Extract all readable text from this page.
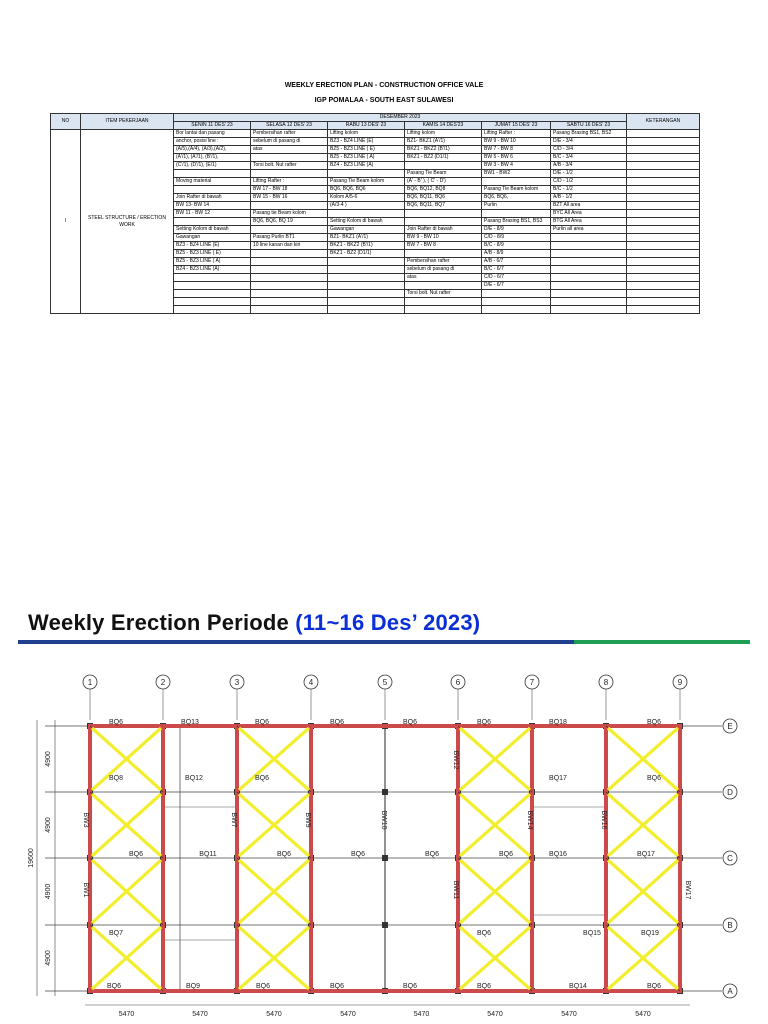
WEEKLY ERECTION PLAN - CONSTRUCTION OFFICE VALE
IGP POMALAA - SOUTH EAST SULAWESI
NO	ITEM PEKERJAAN	DESEMBER 2023						KETERANGAN
		SENIN 11 DES' 23	SELASA 12 DES' 23	RABU 13 DES' 23	KAMIS 14 DES'23	JUMAT 15 DES' 23	SABTU 16 DES' 23	
I	STEEL STRUCTURE / ERECTION WORK	Bor lantai dan pasang	Pembersihan rafter	Lifting kolom	Lifting kolom	Lifting Rafter :	Pasang Brasing BS1, BS2	
		anchor, posisi line :	sebelum di pasang di	BZ3 - BZ4 LINE (E)	BZ1- BKZ1 (A'/1)	BW 9 - BW 10	D/E - 3/4	
		(A/5),(A/4), (A/3),(A/2),	atas	BZ5 - BZ3 LINE ( E)	BKZ1 - BKZ2 (B'/1)	BW 7 - BW 8	C/D - 3/4	
		(A'/1), (A'/1), (B'/1),		BZ5 - BZ3 LINE ( A)	BKZ1 - BZ2 (D1/1)	BW 5 - BW 6	B/C - 3/4	
		(C'/1), (D'/1), (E/1)	Torsi bolt. Nut rafter	BZ4 - BZ3 LINE (A)		BW 3 - BW 4	A/B - 3/4	
					Pasang Tie Beam	BW1 - BW2	D/E - 1/2	
		Moving material	Lifting Rafter :	Pasang Tie Beam kolom	(A' - B' ), ( C' - D')		C/D - 1/2	
			BW 17 - BW 18	BQ6, BQ6, BQ6	BQ6, BQ12, BQ8	Pasang Tie Beam kolom	B/C - 1/2	
		Join Rafter di bawah	BW 15 - BW 16	Kolom A/5-6	BQ6, BQ11, BQ6	BQ6, BQ6,	A/B - 1/2	
		BW 13- BW 14		(A/3-4 )	BQ6, BQ11, BQ7	Purlin	BZT All area	
		BW 11 - BW 12	Pasang tie Beam kolom				BYC All Area	
			BQ6, BQ6, BQ 19	Setting Kolom di bawah		Pasang Brasing BS1, BS3	BTG All Area	
		Setting Kolom di bawah		Gawangan	Join Rafter di bawah	D/E - 8/9	Purlin all area	
		Gawangan	Pasang Purlin BT1	BZ1- BKZ1 (A'/1)	BW 9 - BW 10	C/D - 8/9		
		BZ3 - BZ4 LINE (E)	10 line kanan dan kiri	BKZ1 - BKZ2 (B'/1)	BW 7 - BW 8	B/C - 8/9		
		BZ5 - BZ3 LINE ( E)		BKZ1 - BZ2 (D1/1)		A/B - 8/9		
		BZ5 - BZ3 LINE ( A)			Pembersihan rafter	A/B - 6/7		
		BZ4 - BZ3 LINE (A)			sebelum di pasang di	B/C - 6/7		
					atas	C/D - 6/7		
						D/E - 6/7		
					Torsi bolt. Nut rafter			

Weekly Erection Periode (11~16 Des’ 2023)
1	2	3	4	5	6	7	8	9
E
D
C
B
A
19600
4900
4900
4900
4900
5470	5470	5470	5470	5470	5470	5470	5470
BQ6	BQ13	BQ6	BQ6	BQ6	BQ6	BQ18	BQ6
BQ8	BQ12	BQ6	BQ17	BQ6
BQ6	BQ11	BQ6	BQ6	BQ6	BQ6	BQ16	BQ17
BQ7	BQ6	BQ15	BQ19
BQ6	BQ9	BQ6	BQ6	BQ6	BQ6	BQ14	BQ6
BW3
BW1
BW7	BW9	BW10
BW12
BW11
BW14	BW16
BW17
